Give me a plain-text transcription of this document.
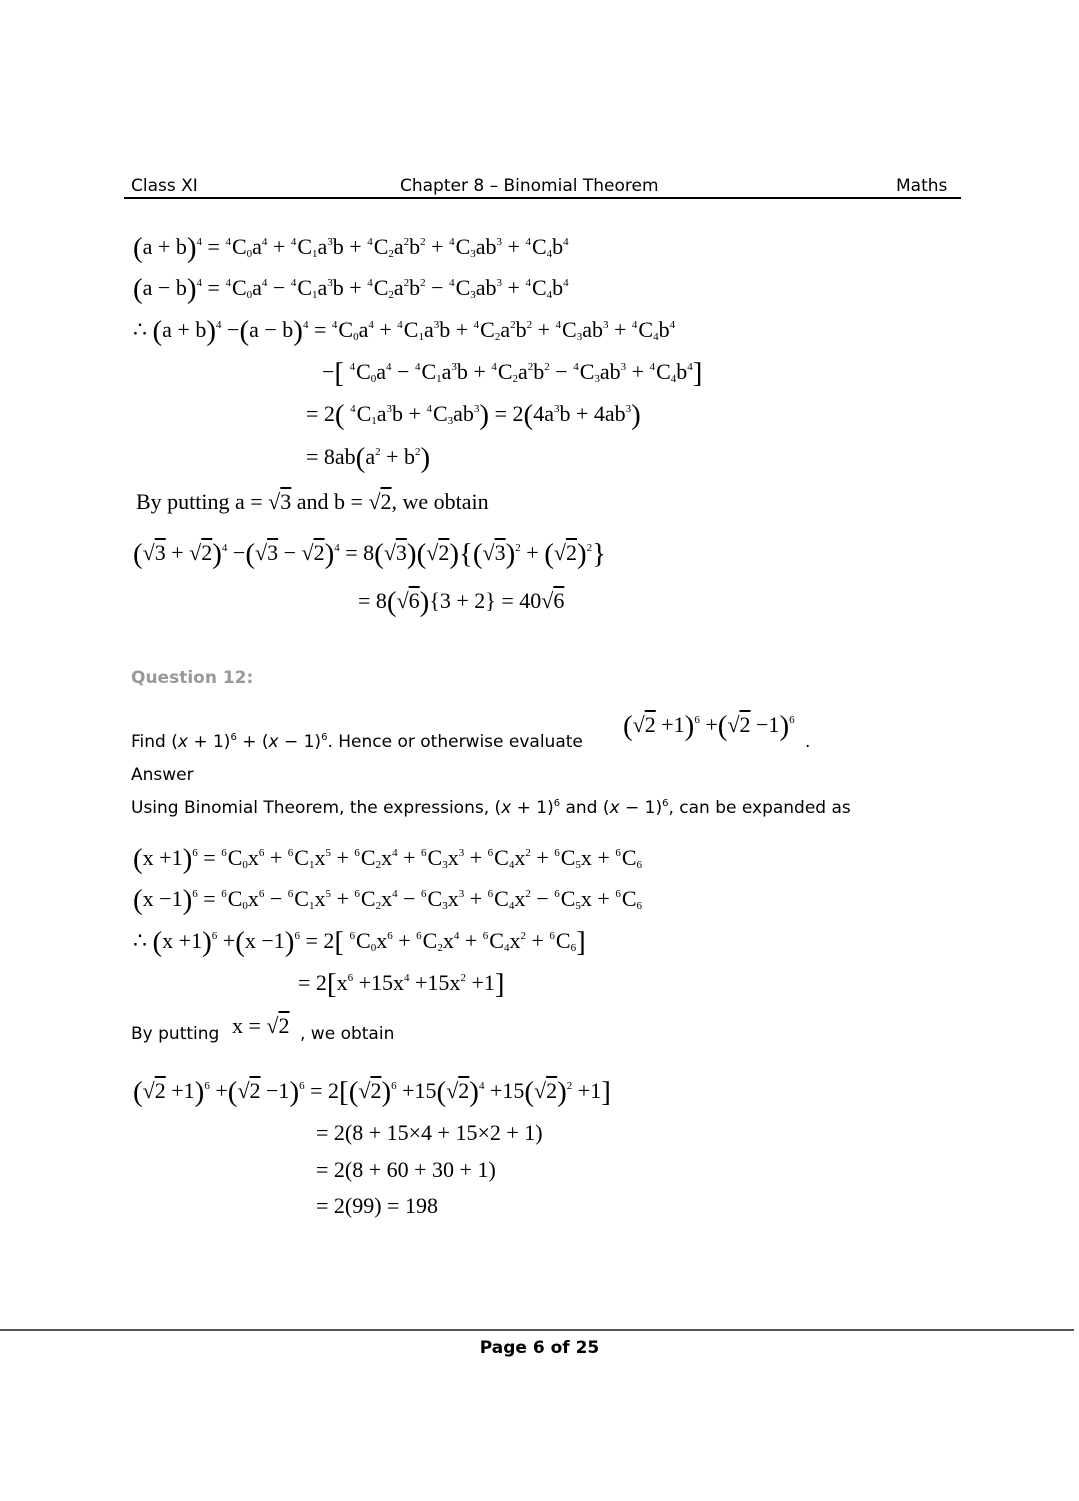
Class XI	Chapter 8 – Binomial Theorem	Maths
$(a + b)^4 = ^4C_0a^4 + ^4C_1a^3b + ^4C_2a^2b^2 + ^4C_3ab^3 + ^4C_4b^4$
$(a - b)^4 = ^4C_0a^4 - ^4C_1a^3b + ^4C_2a^2b^2 - ^4C_3ab^3 + ^4C_4b^4$
∴ $(a + b)^4 -(a - b)^4 = ^4C_0a^4 + ^4C_1a^3b + ^4C_2a^2b^2 + ^4C_3ab^3 + ^4C_4b^4$
−[ $^4C_0a^4 - ^4C_1a^3b + ^4C_2a^2b^2 - ^4C_3ab^3 + ^4C_4b^4$]
= 2( $^4C_1a^3b + ^4C_3ab^3) = 2(4a^3b + 4ab^3)$
= $8ab(a^2 + b^2)$
By putting a = √3 and b = √2, we obtain
$(√3 + √2)^4 -(√3 - √2)^4 = 8(√3)(√2)\{(√3)^2 + (√2)^2\}$
= 8(√6){3 + 2} = 40√6
Question 12:
Find $(x + 1)^6 + (x - 1)^6$. Hence or otherwise evaluate $(√2 +1)^6 +(√2 -1)^6$
.
Answer
Using Binomial Theorem, the expressions, $(x + 1)^6$ and $(x - 1)^6$, can be expanded as
$(x +1)^6 = ^6C_0x^6 + ^6C_1x^5 + ^6C_2x^4 + ^6C_3x^3 + ^6C_4x^2 + ^6C_5x + ^6C_6$
$(x -1)^6 = ^6C_0x^6 - ^6C_1x^5 + ^6C_2x^4 - ^6C_3x^3 + ^6C_4x^2 - ^6C_5x + ^6C_6$
∴ $(x +1)^6 +(x -1)^6 = 2$[ $^6C_0x^6 + ^6C_2x^4 + ^6C_4x^2 + ^6C_6$]
= $2[x^6 +15x^4 +15x^2 +1]$
By putting x = √2 , we obtain
$(√2 +1)^6 +(√2 -1)^6 = 2[(√2)^6 +15(√2)^4 +15(√2)^2 +1]$
= 2(8 + 15×4 + 15×2 + 1)
= 2(8 + 60 + 30 + 1)
= 2(99) = 198
Page 6 of 25
